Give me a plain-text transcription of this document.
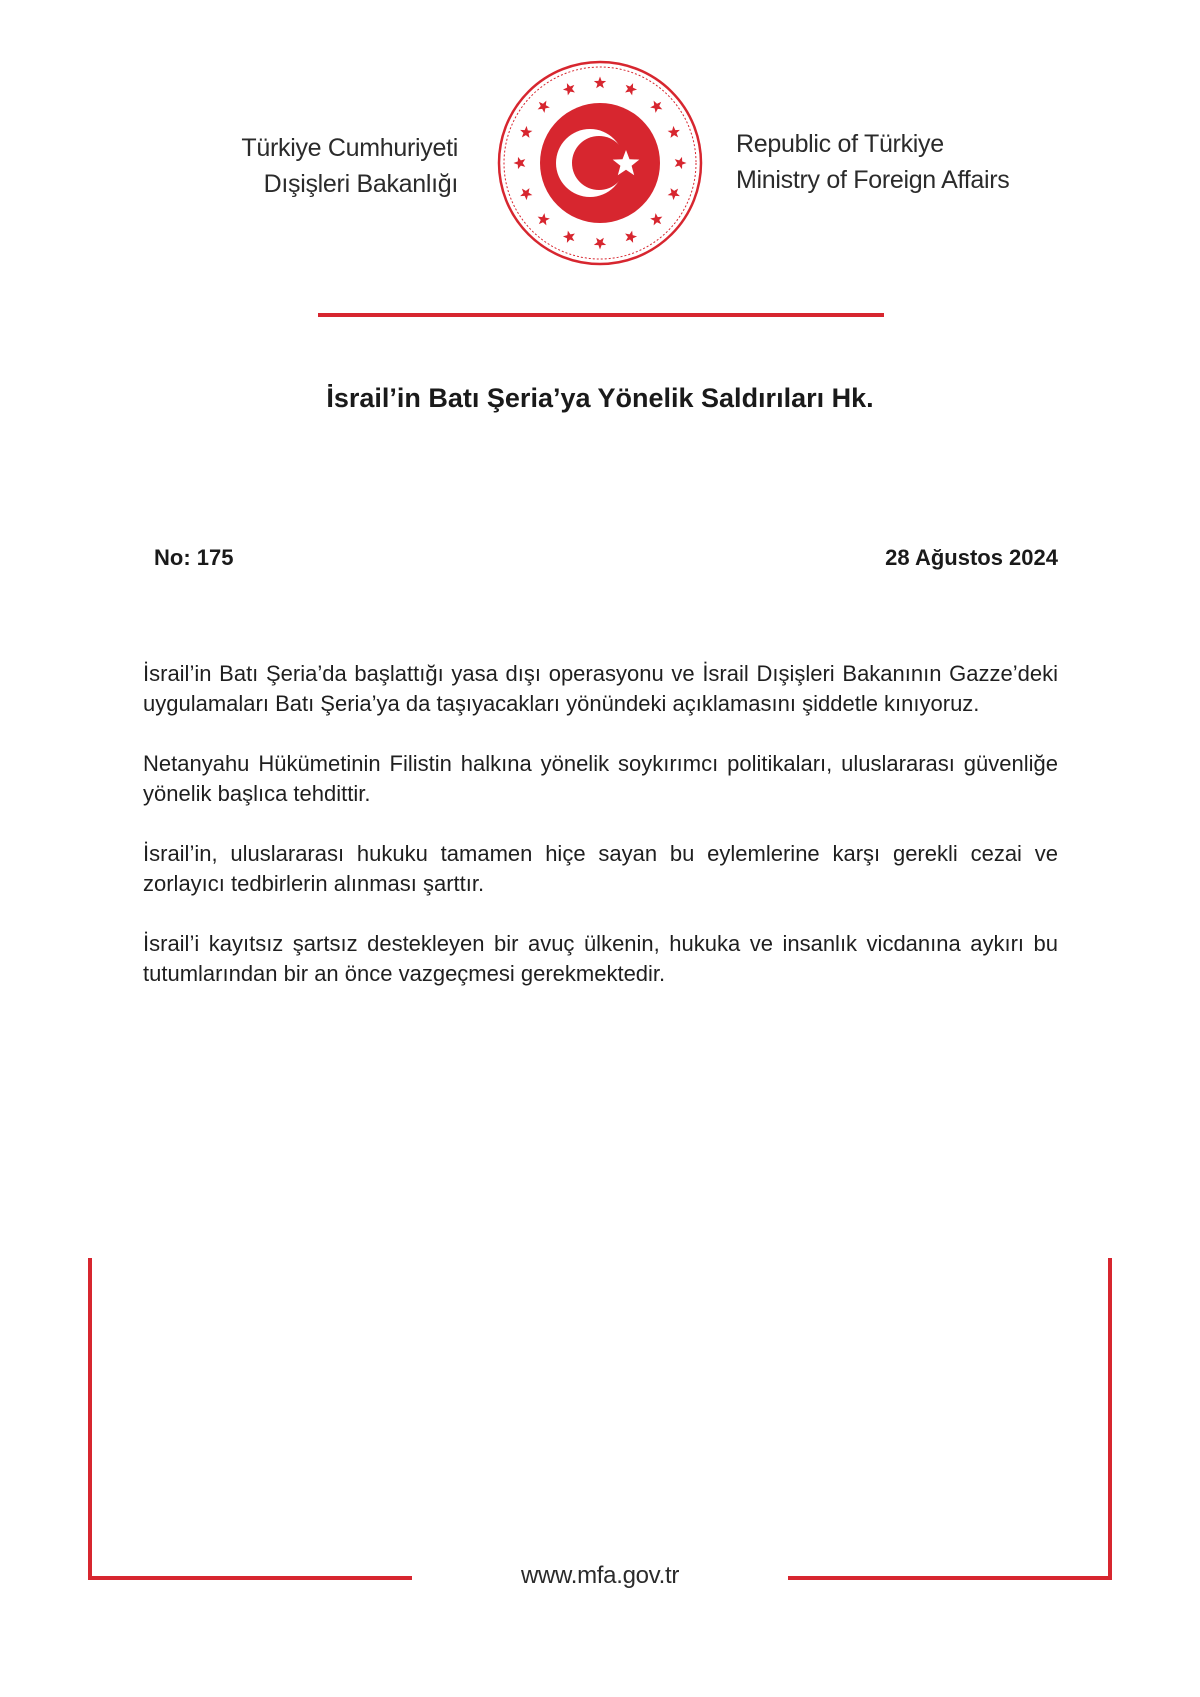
Türkiye Cumhuriyeti
Dışişleri Bakanlığı
Republic of Türkiye
Ministry of Foreign Affairs
İsrail’in Batı Şeria’ya Yönelik Saldırıları Hk.
No: 175	28 Ağustos 2024

İsrail’in Batı Şeria’da başlattığı yasa dışı operasyonu ve İsrail Dışişleri Bakanının Gazze’deki uygulamaları Batı Şeria’ya da taşıyacakları yönündeki açıklamasını şiddetle kınıyoruz.

Netanyahu Hükümetinin Filistin halkına yönelik soykırımcı politikaları, uluslararası güvenliğe yönelik başlıca tehdittir.

İsrail’in, uluslararası hukuku tamamen hiçe sayan bu eylemlerine karşı gerekli cezai ve zorlayıcı tedbirlerin alınması şarttır.

İsrail’i kayıtsız şartsız destekleyen bir avuç ülkenin, hukuka ve insanlık vicdanına aykırı bu tutumlarından bir an önce vazgeçmesi gerekmektedir.

www.mfa.gov.tr
